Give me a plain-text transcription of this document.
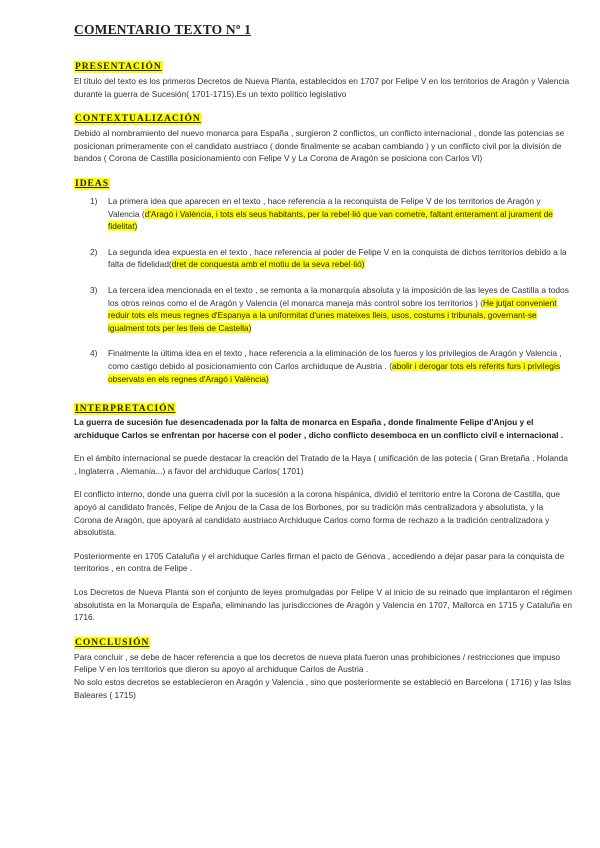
COMENTARIO TEXTO Nº 1
PRESENTACIÓN

El título del texto es los primeros Decretos de Nueva Planta, establecidos en 1707 por Felipe V en los territorios de Aragón y Valencia durante la guerra de Sucesión( 1701-1715).Es un texto político legislativo

CONTEXTUALIZACIÓN

Debido al nombramiento del nuevo monarca para España , surgieron 2 conflictos, un conflicto internacional , donde las potencias se posicionan primeramente con el candidato austriaco ( donde finalmente se acaban cambiando ) y un conflicto civil por la división de bandos ( Corona de Castilla posicionamiento con Felipe V y La Corona de Aragón se posiciona con Carlos VI)

IDEAS
1)	La primera idea que aparecen en el texto , hace referencia a la reconquista de Felipe V de los territorios de Aragón y Valencia (d'Aragó i València, i tots els seus habitants, per la rebel·lió que van cometre, faltant enterament al jurament de fidelitat)
2)	La segunda idea expuesta en el texto , hace referencia al poder de Felipe V en la conquista de dichos territorios debido a la falta de fidelidad(dret de conquesta amb el motiu de la seva rebel·lió)
3)	La tercera idea mencionada en el texto , se remonta a la monarquía absoluta y la imposición de las leyes de Castilla a todos los otros reinos como el de Aragón y Valencia (el monarca maneja más control sobre los territorios ) (He jutjat convenient reduir tots els meus regnes d'Espanya a la uniformitat d'unes mateixes lleis, usos, costums i tribunals, governant-se igualment tots per les lleis de Castella)
4)	Finalmente la última idea en el texto , hace referencia a la eliminación de los fueros y los privilegios de Aragón y Valencia , como castigo debido al posicionamiento con Carlos archiduque de Austria . (abolir i derogar tots els referits furs i privilegis observats en els regnes d'Aragó i València)
INTERPRETACIÓN

La guerra de sucesión fue desencadenada por la falta de monarca en España , donde finalmente Felipe d'Anjou y el archiduque Carlos se enfrentan por hacerse con el poder , dicho conflicto desemboca en un conflicto civil e internacional .

En el ámbito internacional se puede destacar la creación del Tratado de la Haya ( unificación de las potecia ( Gran Bretaña , Holanda , Inglaterra , Alemania...) a favor del archiduque Carlos( 1701)

El conflicto interno, donde una guerra civil por la sucesión a la corona hispánica, dividió el territorio entre la Corona de Castilla, que apoyó al candidato francés, Felipe de Anjou de la Casa de los Borbones, por su tradición más centralizadora y absolutista, y la Corona de Aragón, que apoyará al candidato austriaco Archiduque Carlos como forma de rechazo a la tradición centralizadora y absolutista.

Posteriormente en 1705 Cataluña y el archiduque Carles firman el pacto de Génova , accediendo a dejar pasar para la conquista de territorios , en contra de Felipe .

Los Decretos de Nueva Planta son el conjunto de leyes promulgadas por Felipe V al inicio de su reinado que implantaron el régimen absolutista en la Monarquía de España, eliminando las jurisdicciones de Aragón y Valencia en 1707, Mallorca en 1715 y Cataluña en 1716.

CONCLUSIÓN

Para concluir , se debe de hacer referencia a que los decretos de nueva plata fueron unas prohibiciones / restricciones que impuso Felipe V en los territorios que dieron su apoyo al archiduque Carlos de Austria .

No solo estos decretos se establecieron en Aragón y Valencia , sino que posteriormente se estableció en Barcelona ( 1716) y las Islas Baleares ( 1715)
